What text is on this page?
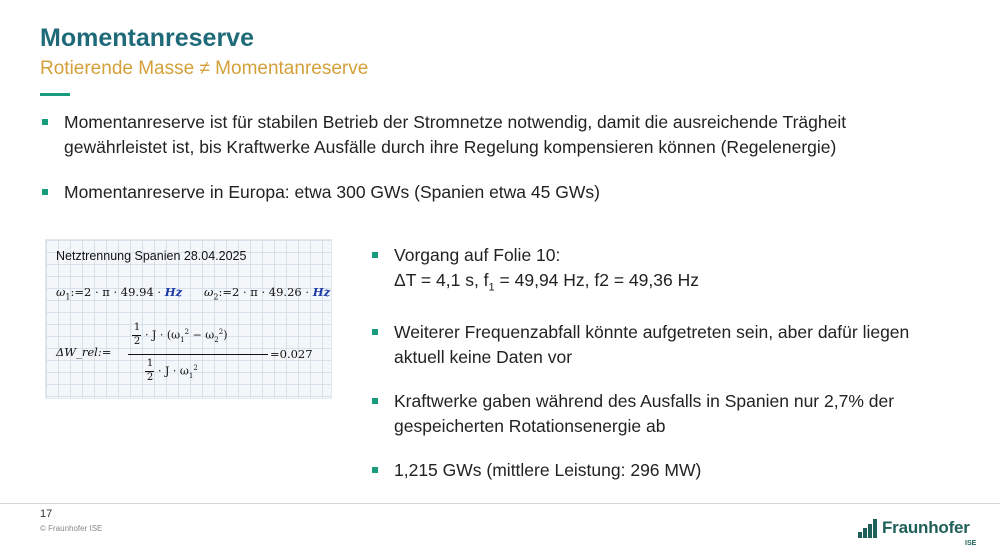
Momentanreserve
Rotierende Masse ≠ Momentanreserve
Momentanreserve ist für stabilen Betrieb der Stromnetze notwendig, damit die ausreichende Trägheit
gewährleistet ist, bis Kraftwerke Ausfälle durch ihre Regelung kompensieren können (Regelenergie)
Momentanreserve in Europa: etwa 300 GWs (Spanien etwa 45 GWs)
Netztrennung Spanien 28.04.2025
$\omega_1:=2 \cdot \pi \cdot 49.94 \cdot Hz$ $\omega_2:=2 \cdot \pi \cdot 49.26 \cdot Hz$
ΔW_rel:=
1
$2 \cdot J \cdot (\omega_1^2 - \omega_2^2)$
1
$2 \cdot J \cdot \omega_1^2$
=0.027
Vorgang auf Folie 10:
ΔT = 4,1 s, $f_1 = 49,94$ Hz, f2 = 49,36 Hz
Weiterer Frequenzabfall könnte aufgetreten sein, aber dafür liegen
aktuell keine Daten vor
Kraftwerke gaben während des Ausfalls in Spanien nur 2,7% der
gespeicherten Rotationsenergie ab
1,215 GWs (mittlere Leistung: 296 MW)
17
© Fraunhofer ISE	Fraunhofer
ISE
